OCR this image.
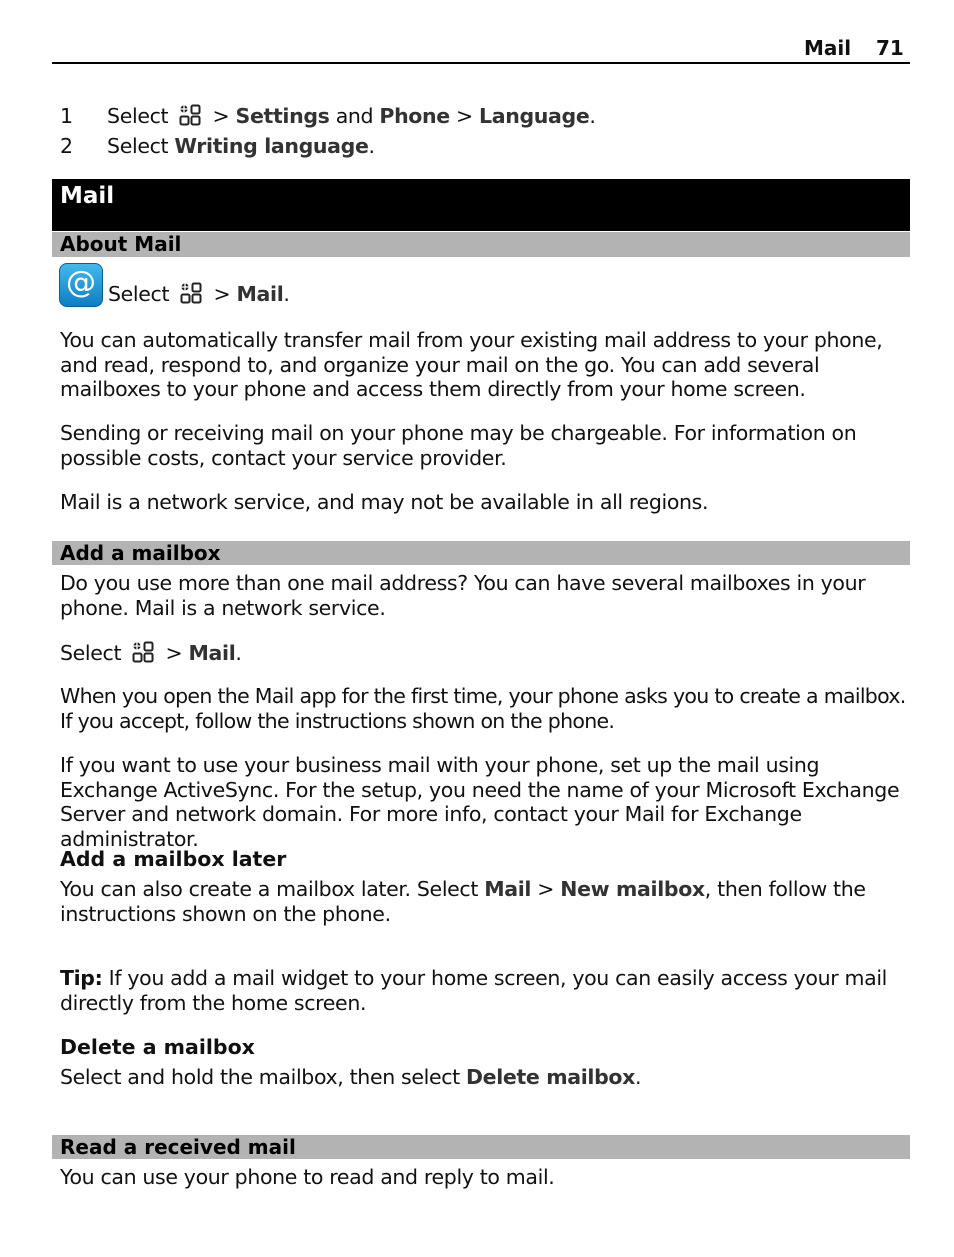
Mail 71
1 Select > Settings and Phone > Language.
2 Select Writing language.
Mail
About Mail
@ Select > Mail.

You can automatically transfer mail from your existing mail address to your phone, and read, respond to, and organize your mail on the go. You can add several mailboxes to your phone and access them directly from your home screen.

Sending or receiving mail on your phone may be chargeable. For information on possible costs, contact your service provider.

Mail is a network service, and may not be available in all regions.

Add a mailbox

Do you use more than one mail address? You can have several mailboxes in your phone. Mail is a network service.

Select > Mail.

When you open the Mail app for the first time, your phone asks you to create a mailbox. If you accept, follow the instructions shown on the phone.

If you want to use your business mail with your phone, set up the mail using Exchange ActiveSync. For the setup, you need the name of your Microsoft Exchange Server and network domain. For more info, contact your Mail for Exchange administrator.

Add a mailbox later
You can also create a mailbox later. Select Mail > New mailbox, then follow the instructions shown on the phone.
Tip: If you add a mail widget to your home screen, you can easily access your mail directly from the home screen.
Delete a mailbox
Select and hold the mailbox, then select Delete mailbox.
Read a received mail

You can use your phone to read and reply to mail.
